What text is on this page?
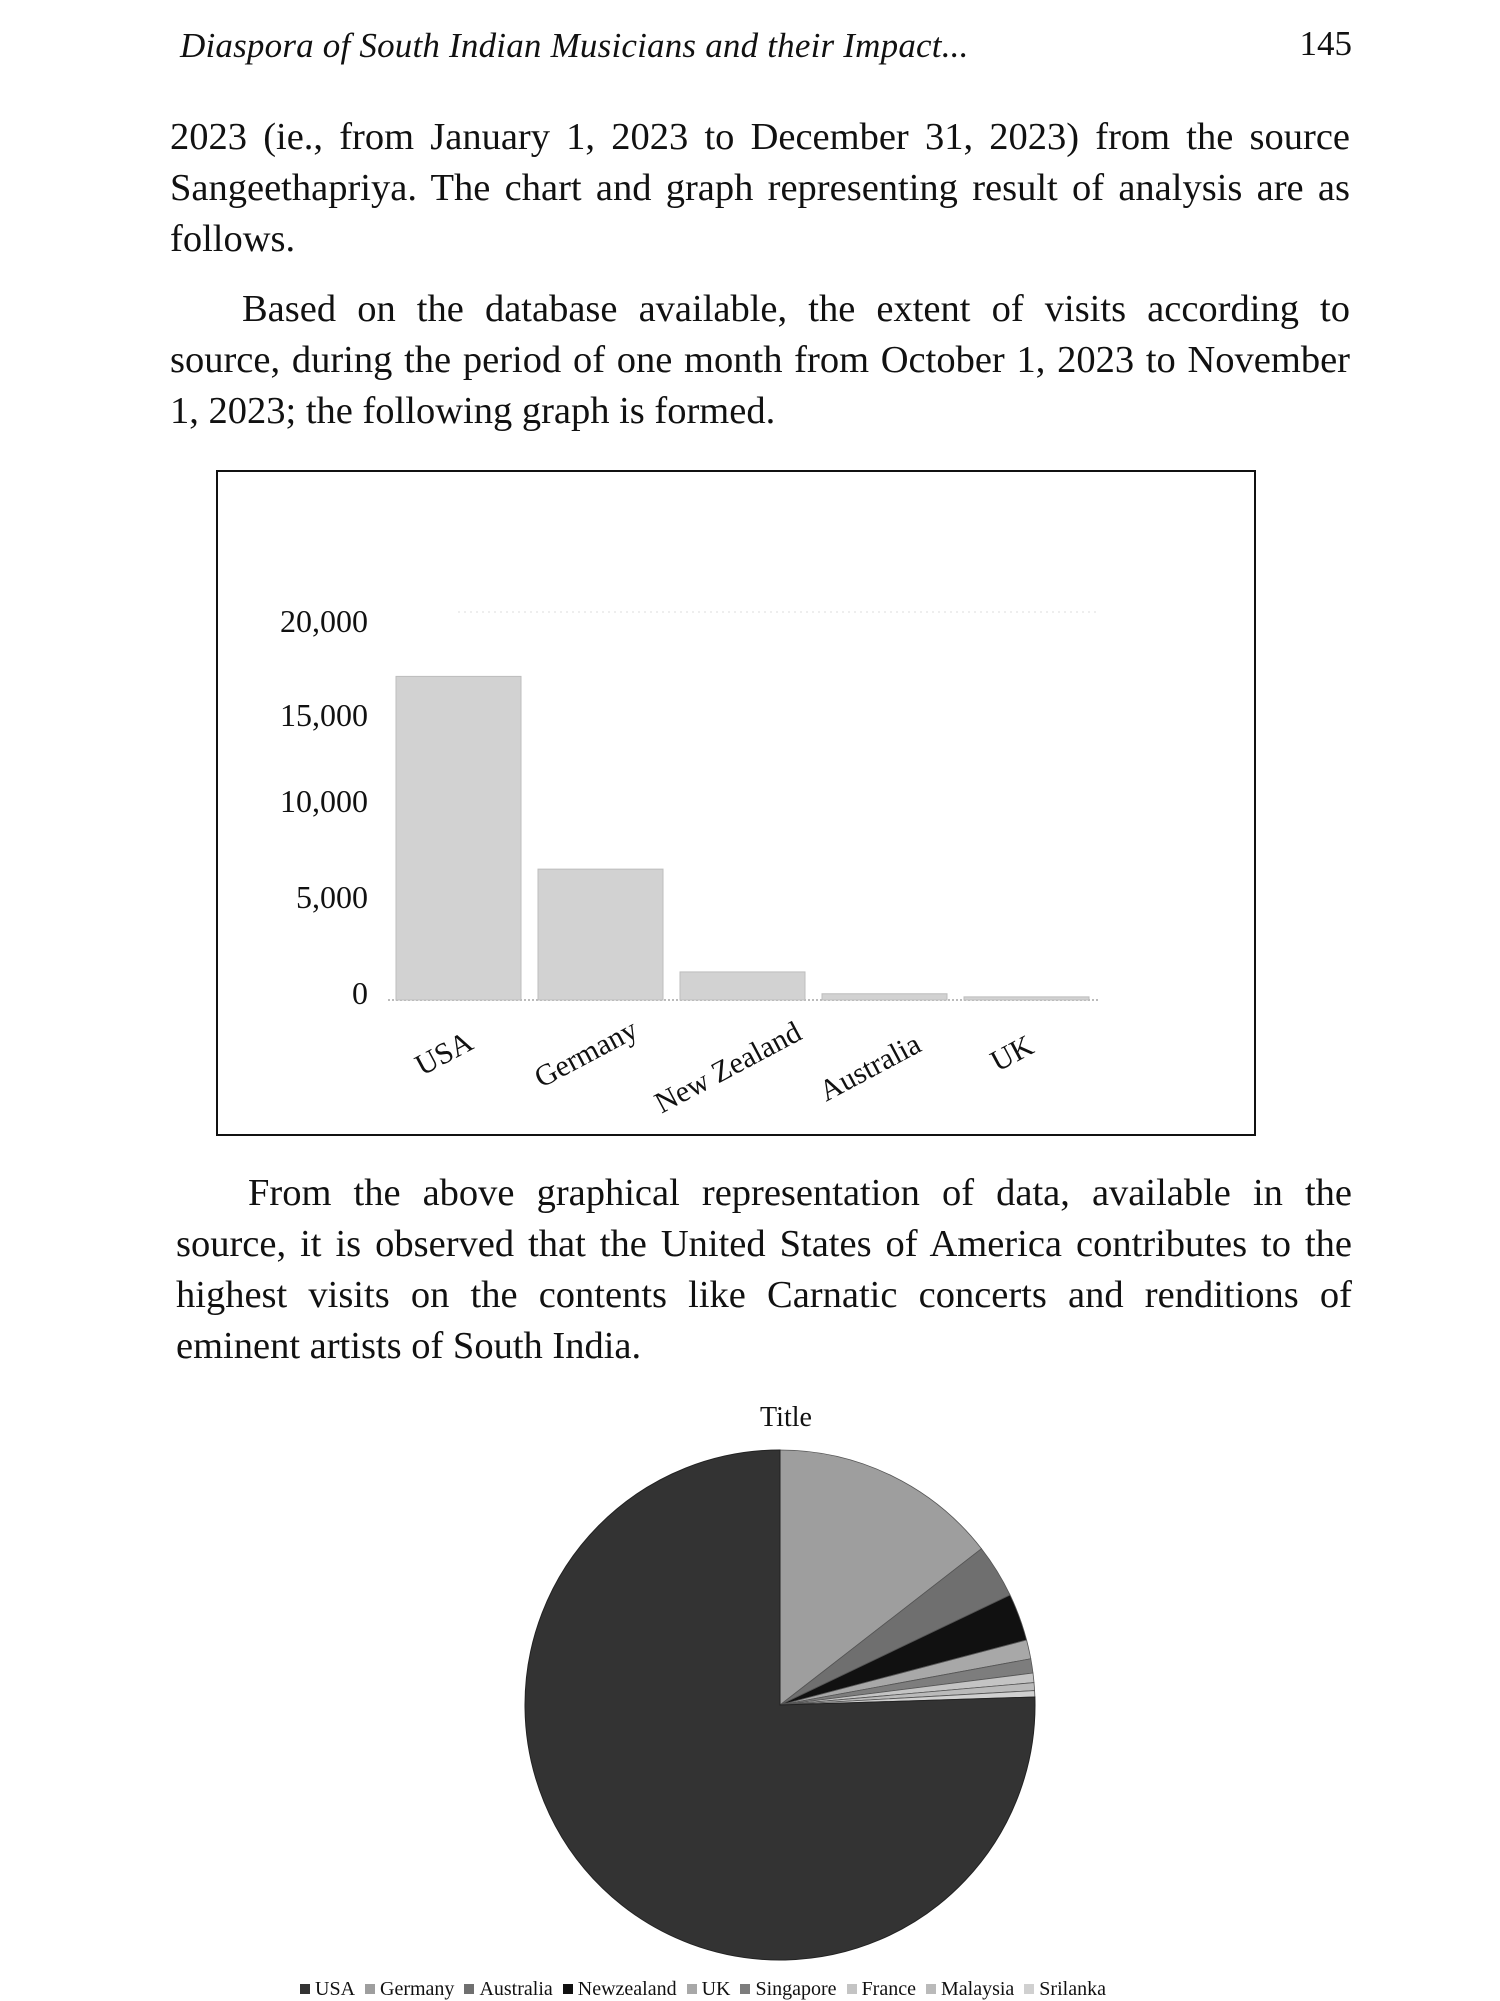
Diaspora of South Indian Musicians and their Impact...	145

2023 (ie., from January 1, 2023 to December 31, 2023) from the source Sangeethapriya. The chart and graph representing result of analysis are as follows.

Based on the database available, the extent of visits according to source, during the period of one month from October 1, 2023 to November 1, 2023; the following graph is formed.

0
5,000
10,000
15,000
20,000
USA Germany New Zealand Australia UK

From the above graphical representation of data, available in the source, it is observed that the United States of America contributes to the highest visits on the contents like Carnatic concerts and renditions of eminent artists of South India.

Title
USA Germany Australia Newzealand UK Singapore France Malaysia Srilanka
